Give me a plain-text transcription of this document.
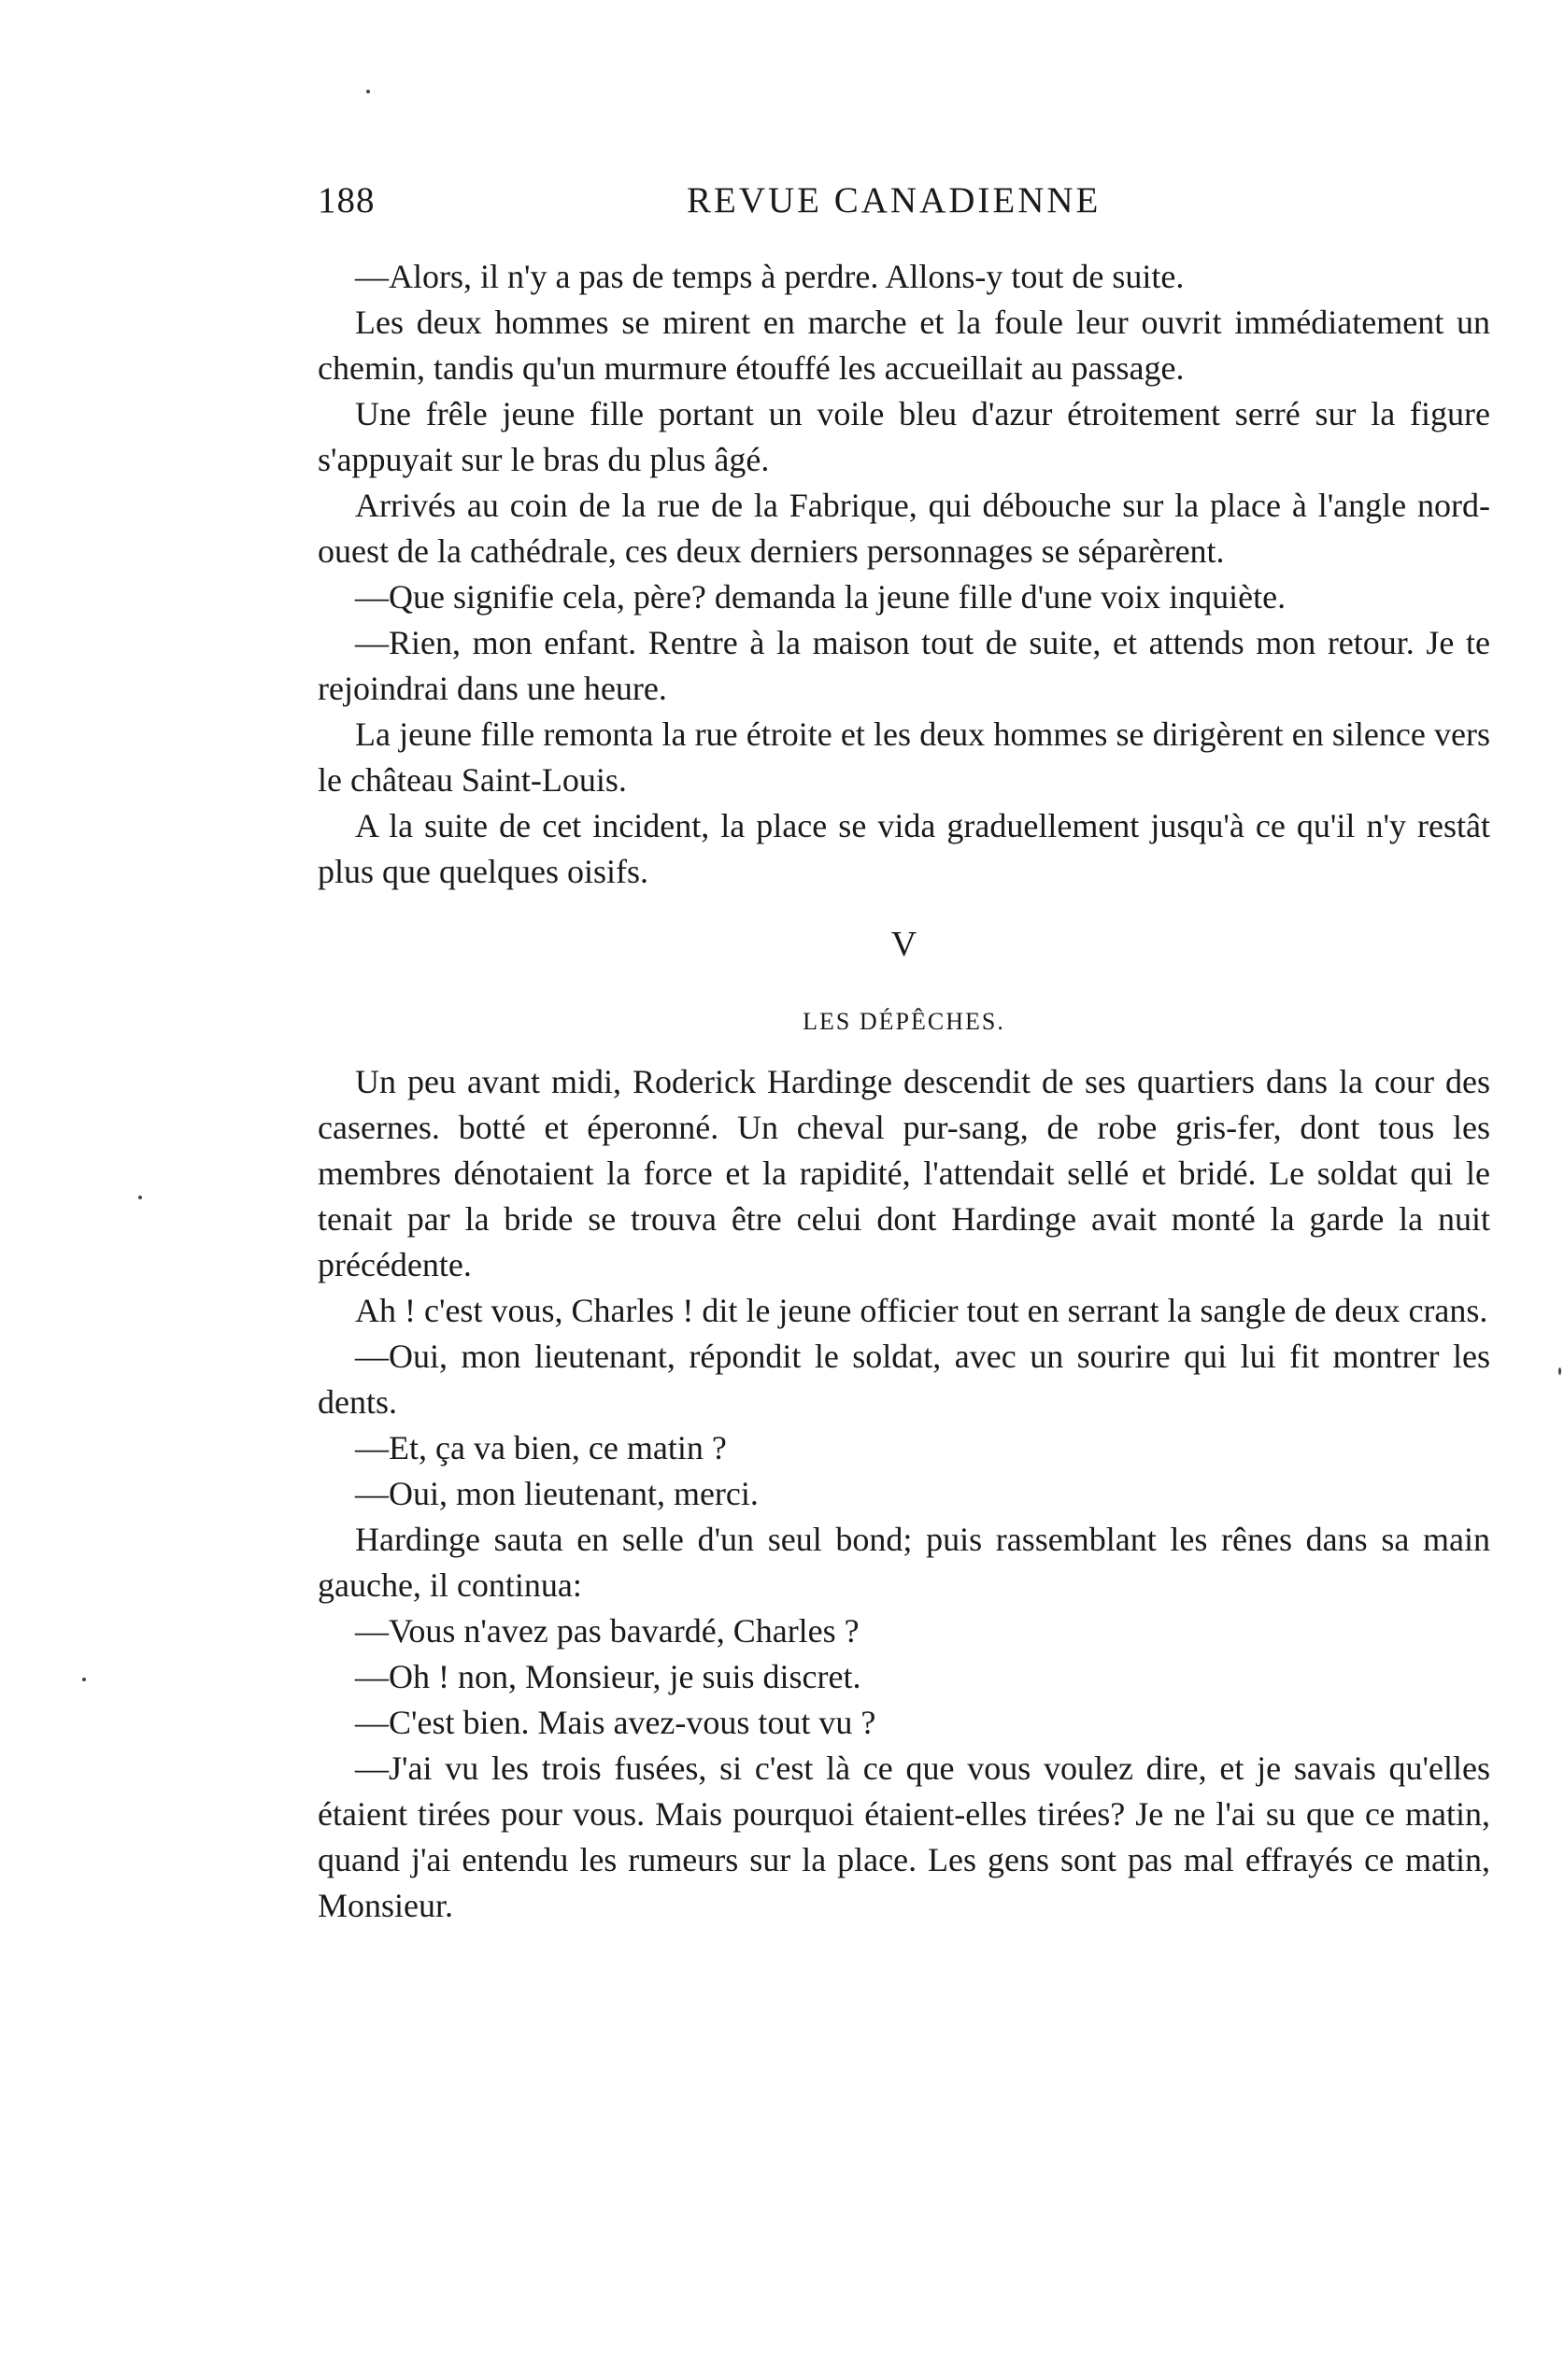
188	REVUE CANADIENNE

—Alors, il n'y a pas de temps à perdre. Allons-y tout de suite.

Les deux hommes se mirent en marche et la foule leur ouvrit immédiatement un chemin, tandis qu'un murmure étouffé les accueillait au passage.

Une frêle jeune fille portant un voile bleu d'azur étroitement serré sur la figure s'appuyait sur le bras du plus âgé.

Arrivés au coin de la rue de la Fabrique, qui débouche sur la place à l'angle nord-ouest de la cathédrale, ces deux derniers personnages se séparèrent.

—Que signifie cela, père? demanda la jeune fille d'une voix inquiète.

—Rien, mon enfant. Rentre à la maison tout de suite, et attends mon retour. Je te rejoindrai dans une heure.

La jeune fille remonta la rue étroite et les deux hommes se dirigèrent en silence vers le château Saint-Louis.

A la suite de cet incident, la place se vida graduellement jusqu'à ce qu'il n'y restât plus que quelques oisifs.

V
LES DÉPÊCHES.

Un peu avant midi, Roderick Hardinge descendit de ses quartiers dans la cour des casernes. botté et éperonné. Un cheval pur-sang, de robe gris-fer, dont tous les membres dénotaient la force et la rapidité, l'attendait sellé et bridé. Le soldat qui le tenait par la bride se trouva être celui dont Hardinge avait monté la garde la nuit précédente.

Ah ! c'est vous, Charles ! dit le jeune officier tout en serrant la sangle de deux crans.

—Oui, mon lieutenant, répondit le soldat, avec un sourire qui lui fit montrer les dents.

—Et, ça va bien, ce matin ?

—Oui, mon lieutenant, merci.

Hardinge sauta en selle d'un seul bond; puis rassemblant les rênes dans sa main gauche, il continua:

—Vous n'avez pas bavardé, Charles ?

—Oh ! non, Monsieur, je suis discret.

—C'est bien. Mais avez-vous tout vu ?

—J'ai vu les trois fusées, si c'est là ce que vous voulez dire, et je savais qu'elles étaient tirées pour vous. Mais pourquoi étaient-elles tirées? Je ne l'ai su que ce matin, quand j'ai entendu les rumeurs sur la place. Les gens sont pas mal effrayés ce matin, Monsieur.
